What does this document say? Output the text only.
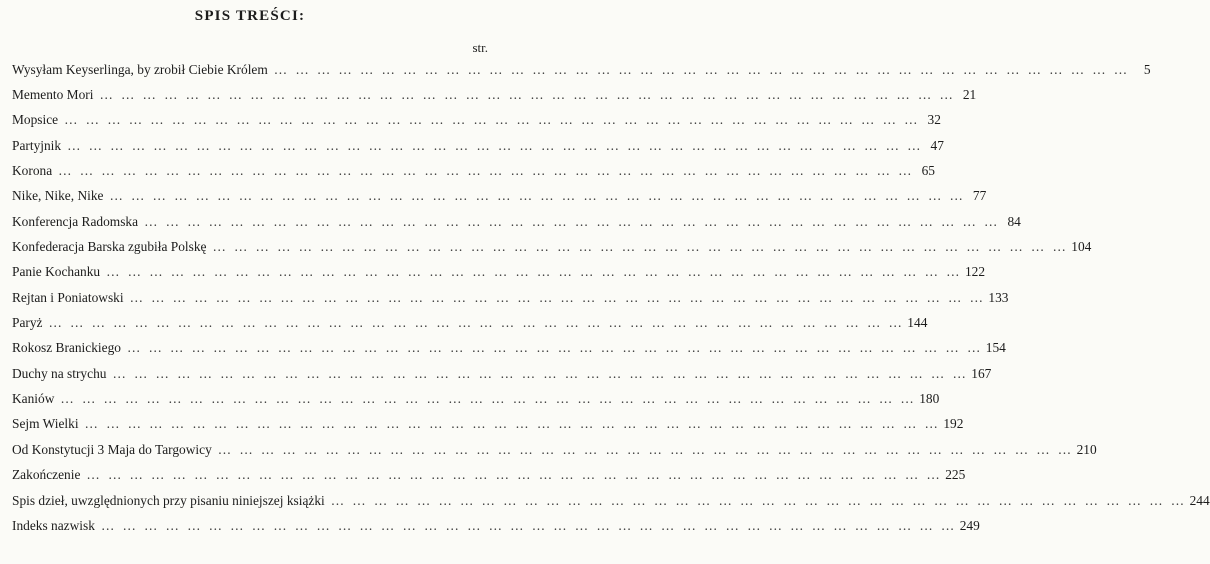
SPIS TREŚCI:
str.
Wysyłam Keyserlinga, by zrobił Ciebie Królem … … … … … … … … … … … … … … … … … … … … … … … … … … … … … … … … … … … … … … … …	5
Memento Mori … … … … … … … … … … … … … … … … … … … … … … … … … … … … … … … … … … … … … … … … 21
Mopsice … … … … … … … … … … … … … … … … … … … … … … … … … … … … … … … … … … … … … … … … 32
Partyjnik … … … … … … … … … … … … … … … … … … … … … … … … … … … … … … … … … … … … … … … … 47
Korona … … … … … … … … … … … … … … … … … … … … … … … … … … … … … … … … … … … … … … … … 65
Nike, Nike, Nike … … … … … … … … … … … … … … … … … … … … … … … … … … … … … … … … … … … … … … … … 77
Konferencja Radomska … … … … … … … … … … … … … … … … … … … … … … … … … … … … … … … … … … … … … … … … 84
Konfederacja Barska zgubiła Polskę … … … … … … … … … … … … … … … … … … … … … … … … … … … … … … … … … … … … … … … … 104
Panie Kochanku … … … … … … … … … … … … … … … … … … … … … … … … … … … … … … … … … … … … … … … … 122
Rejtan i Poniatowski … … … … … … … … … … … … … … … … … … … … … … … … … … … … … … … … … … … … … … … … 133
Paryż … … … … … … … … … … … … … … … … … … … … … … … … … … … … … … … … … … … … … … … … 144
Rokosz Branickiego … … … … … … … … … … … … … … … … … … … … … … … … … … … … … … … … … … … … … … … … 154
Duchy na strychu … … … … … … … … … … … … … … … … … … … … … … … … … … … … … … … … … … … … … … … … 167
Kaniów … … … … … … … … … … … … … … … … … … … … … … … … … … … … … … … … … … … … … … … … 180
Sejm Wielki … … … … … … … … … … … … … … … … … … … … … … … … … … … … … … … … … … … … … … … … 192
Od Konstytucji 3 Maja do Targowicy … … … … … … … … … … … … … … … … … … … … … … … … … … … … … … … … … … … … … … … … 210
Zakończenie … … … … … … … … … … … … … … … … … … … … … … … … … … … … … … … … … … … … … … … … 225
Spis dzieł, uwzględnionych przy pisaniu niniejszej książki … … … … … … … … … … … … … … … … … … … … … … … … … … … … … … … … … … … … … … … … 244
Indeks nazwisk … … … … … … … … … … … … … … … … … … … … … … … … … … … … … … … … … … … … … … … … 249
